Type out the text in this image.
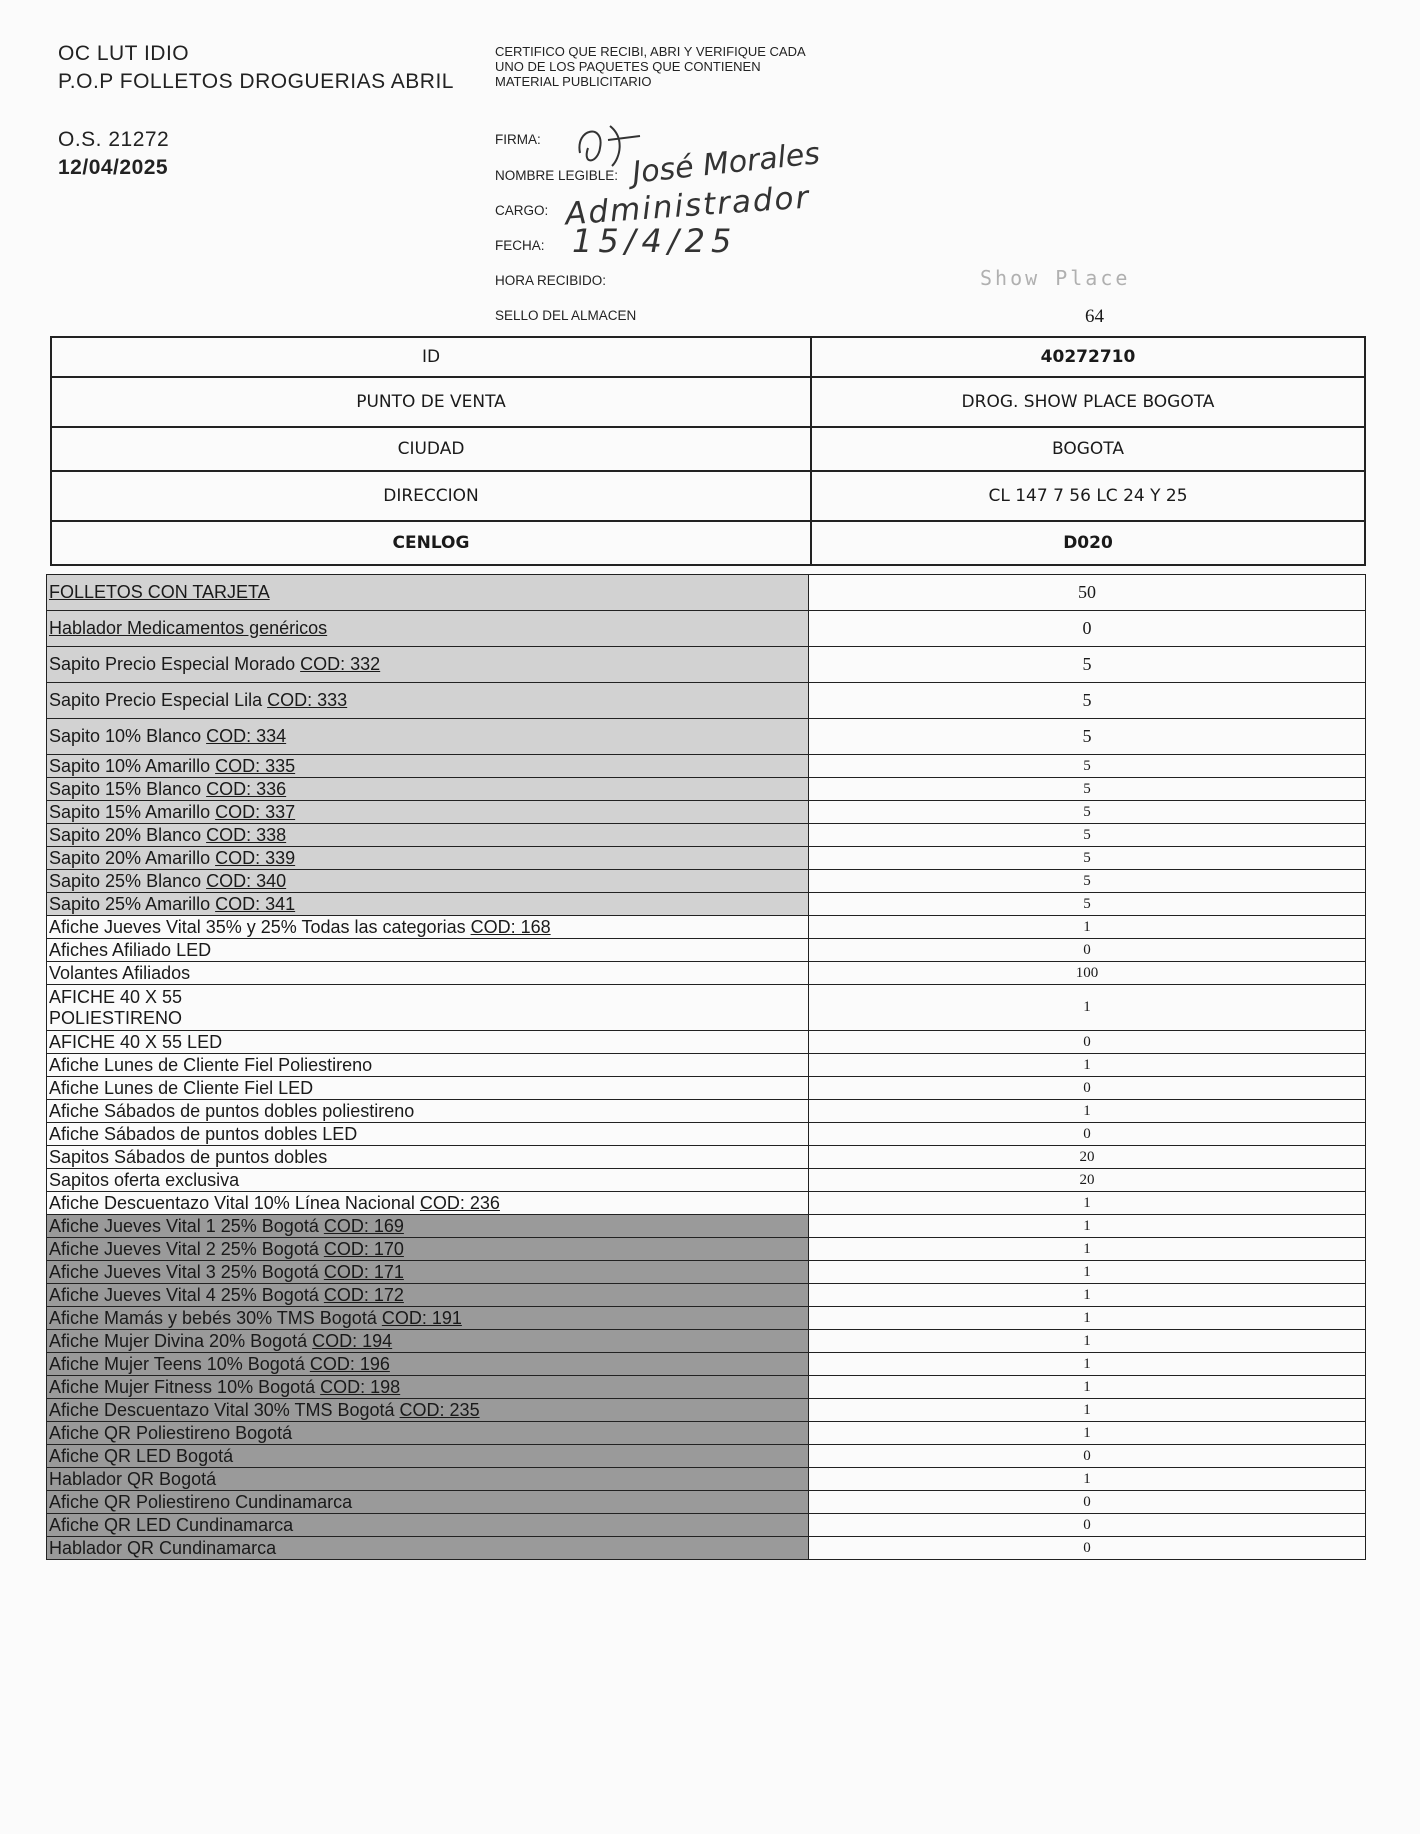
OC LUT IDIO
P.O.P FOLLETOS DROGUERIAS ABRIL
O.S. 21272
12/04/2025
CERTIFICO QUE RECIBI, ABRI Y VERIFIQUE CADA UNO DE LOS PAQUETES QUE CONTIENEN MATERIAL PUBLICITARIO
FIRMA:
NOMBRE LEGIBLE: José Morales
CARGO: Administrador
FECHA: 15/4/25
HORA RECIBIDO:
SELLO DEL ALMACEN
Show Place
64
ID	40272710
PUNTO DE VENTA	DROG. SHOW PLACE BOGOTA
CIUDAD	BOGOTA
DIRECCION	CL 147 7 56 LC 24 Y 25
CENLOG	D020
FOLLETOS CON TARJETA	50
Hablador Medicamentos genéricos	0
Sapito Precio Especial Morado COD: 332	5
Sapito Precio Especial Lila COD: 333	5
Sapito 10% Blanco COD: 334	5
Sapito 10% Amarillo COD: 335	5
Sapito 15% Blanco COD: 336	5
Sapito 15% Amarillo COD: 337	5
Sapito 20% Blanco COD: 338	5
Sapito 20% Amarillo COD: 339	5
Sapito 25% Blanco COD: 340	5
Sapito 25% Amarillo COD: 341	5
Afiche Jueves Vital 35% y 25% Todas las categorias COD: 168	1
Afiches Afiliado LED	0
Volantes Afiliados	100
AFICHE 40 X 55
POLIESTIRENO	1
AFICHE 40 X 55 LED	0
Afiche Lunes de Cliente Fiel Poliestireno	1
Afiche Lunes de Cliente Fiel LED	0
Afiche Sábados de puntos dobles poliestireno	1
Afiche Sábados de puntos dobles LED	0
Sapitos Sábados de puntos dobles	20
Sapitos oferta exclusiva	20
Afiche Descuentazo Vital 10% Línea Nacional COD: 236	1
Afiche Jueves Vital 1 25% Bogotá COD: 169	1
Afiche Jueves Vital 2 25% Bogotá COD: 170	1
Afiche Jueves Vital 3 25% Bogotá COD: 171	1
Afiche Jueves Vital 4 25% Bogotá COD: 172	1
Afiche Mamás y bebés 30% TMS Bogotá COD: 191	1
Afiche Mujer Divina 20% Bogotá COD: 194	1
Afiche Mujer Teens 10% Bogotá COD: 196	1
Afiche Mujer Fitness 10% Bogotá COD: 198	1
Afiche Descuentazo Vital 30% TMS Bogotá COD: 235	1
Afiche QR Poliestireno Bogotá	1
Afiche QR LED Bogotá	0
Hablador QR Bogotá	1
Afiche QR Poliestireno Cundinamarca	0
Afiche QR LED Cundinamarca	0
Hablador QR Cundinamarca	0
